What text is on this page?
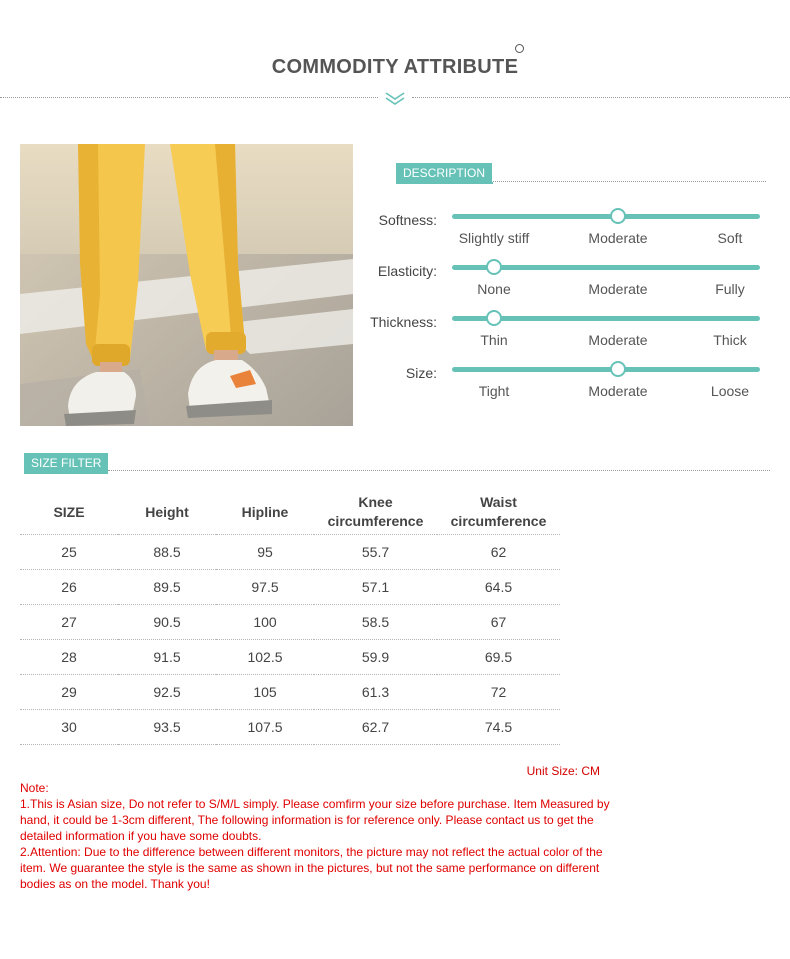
COMMODITY ATTRIBUTE
DESCRIPTION
Softness:
Slightly stiff	Moderate	Soft
Elasticity:
None	Moderate	Fully
Thickness:
Thin	Moderate	Thick
Size:
Tight	Moderate	Loose
SIZE FILTER
SIZE	Height	Hipline	Knee circumference	Waist circumference
25	88.5	95	55.7	62
26	89.5	97.5	57.1	64.5
27	90.5	100	58.5	67
28	91.5	102.5	59.9	69.5
29	92.5	105	61.3	72
30	93.5	107.5	62.7	74.5
Unit Size: CM

Note:

1.This is Asian size, Do not refer to S/M/L simply. Please comfirm your size before purchase. Item Measured by hand, it could be 1-3cm different, The following information is for reference only. Please contact us to get the detailed information if you have some doubts.

2.Attention: Due to the difference between different monitors, the picture may not reflect the actual color of the item. We guarantee the style is the same as shown in the pictures, but not the same performance on different bodies as on the model. Thank you!
